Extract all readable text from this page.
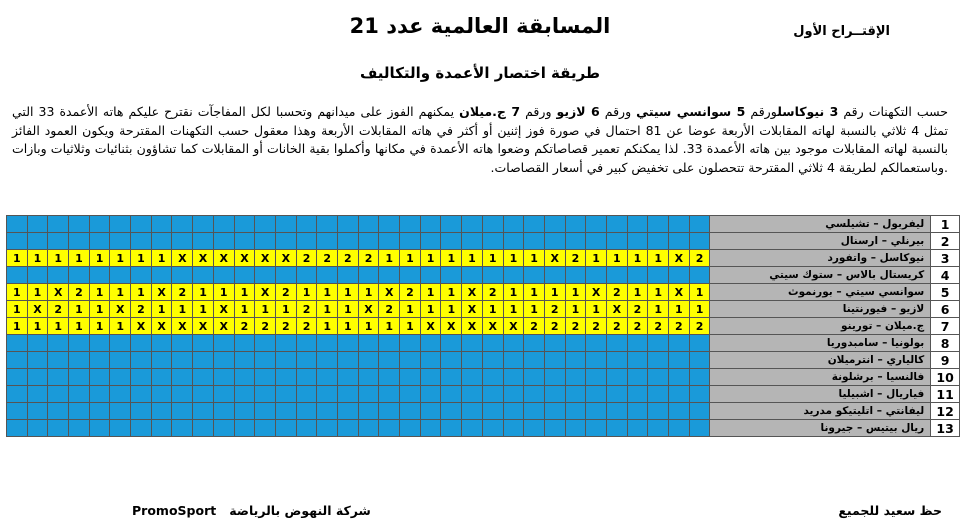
الإقتــراح الأول
المسابقة العالمية عدد 21
طريقة اختصار الأعمدة والتكاليف
حسب التكهنات رقم 3 نيوكاسلورقم 5 سوانسي سيتي ورقم 6 لازيو ورقم 7 ج.ميلان يمكنهم الفوز على ميدانهم وتحسبا لكل المفاجآت نقترح عليكم هاته الأعمدة 33 التي تمثل 4 ثلاثي بالنسبة لهاته المقابلات الأربعة عوضا عن 81 احتمال في صورة فوز إثنين أو أكثر في هاته المقابلات الأربعة وهذا معقول حسب التكهنات المقترحة ويكون العمود الفائز بالنسبة لهاته المقابلات موجود بين هاته الأعمدة 33. لذا يمكنكم تعمير قصاصاتكم وضعوا هاته الأعمدة في مكانها وأكملوا بقية الخانات أو المقابلات كما تشاؤون بثنائيات وثلاثيات وبازات .وباستعمالكم لطريقة 4 ثلاثي المقترحة تتحصلون على تخفيض كبير في أسعار القصاصات.
																																		ليفربول – تشيلسي	1
																																		بيرنلي – ارسنال	2
1	1	1	1	1	1	1	1	X	X	X	X	X	X	2	2	2	2	1	1	1	1	1	1	1	1	X	2	1	1	1	1	X	2	نيوكاسل – واتفورد	3
																																		كريستال بالاس – ستوك سيتي	4
1	1	X	2	1	1	1	X	2	1	1	1	X	2	1	1	1	1	X	2	1	1	X	2	1	1	1	1	X	2	1	1	X	1	سوانسي سيتي – بورنموث	5
1	X	2	1	1	X	2	1	1	1	X	1	1	1	2	1	1	X	2	1	1	1	X	1	1	1	2	1	1	X	2	1	1	1	لازيو – فيورنتينا	6
1	1	1	1	1	1	X	X	X	X	X	2	2	2	2	1	1	1	1	1	X	X	X	X	X	2	2	2	2	2	2	2	2	2	ج.ميلان – تورينو	7
																																		بولونيا – سامبدوريا	8
																																		كالياري – انترميلان	9
																																		فالنسيا – برشلونة	10
																																		فياريال – اشبيليا	11
																																		ليفانتي – اتليتيكو مدريد	12
																																		ريال بيتيس – جيرونا	13
حظ سعيد للجميع
PromoSport شركة النهوض بالرياضة
